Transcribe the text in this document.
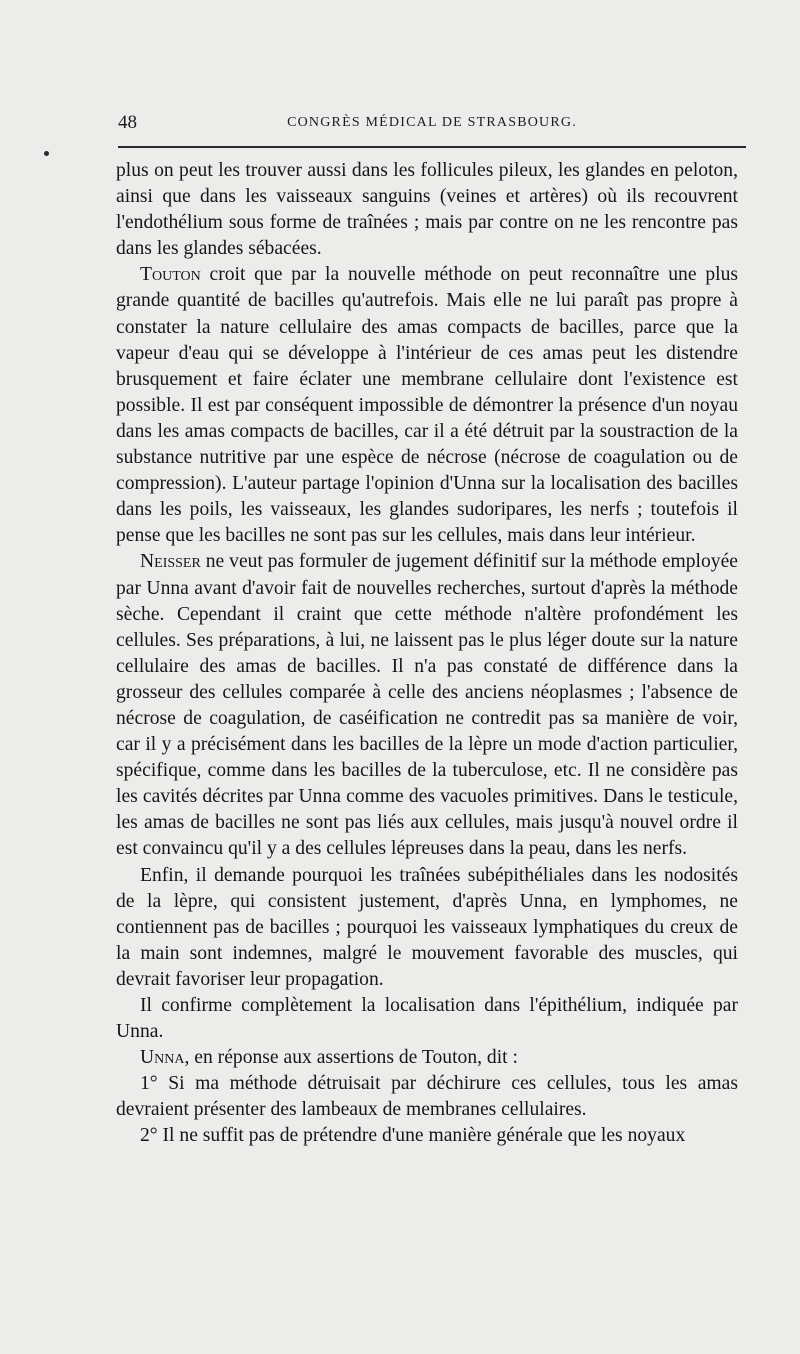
48	CONGRÈS MÉDICAL DE STRASBOURG.

plus on peut les trouver aussi dans les follicules pileux, les glandes en peloton, ainsi que dans les vaisseaux sanguins (veines et artères) où ils recouvrent l'endothélium sous forme de traînées ; mais par contre on ne les rencontre pas dans les glandes sébacées.

Touton croit que par la nouvelle méthode on peut reconnaître une plus grande quantité de bacilles qu'autrefois. Mais elle ne lui paraît pas propre à constater la nature cellulaire des amas compacts de bacilles, parce que la vapeur d'eau qui se développe à l'intérieur de ces amas peut les distendre brusquement et faire éclater une membrane cellulaire dont l'existence est possible. Il est par conséquent impossible de démontrer la présence d'un noyau dans les amas compacts de bacilles, car il a été détruit par la soustraction de la substance nutritive par une espèce de nécrose (nécrose de coagulation ou de compression). L'auteur partage l'opinion d'Unna sur la localisation des bacilles dans les poils, les vaisseaux, les glandes sudoripares, les nerfs ; toutefois il pense que les bacilles ne sont pas sur les cellules, mais dans leur intérieur.

Neisser ne veut pas formuler de jugement définitif sur la méthode employée par Unna avant d'avoir fait de nouvelles recherches, surtout d'après la méthode sèche. Cependant il craint que cette méthode n'altère profondément les cellules. Ses préparations, à lui, ne laissent pas le plus léger doute sur la nature cellulaire des amas de bacilles. Il n'a pas constaté de différence dans la grosseur des cellules comparée à celle des anciens néoplasmes ; l'absence de nécrose de coagulation, de caséification ne contredit pas sa manière de voir, car il y a précisément dans les bacilles de la lèpre un mode d'action particulier, spécifique, comme dans les bacilles de la tuberculose, etc. Il ne considère pas les cavités décrites par Unna comme des vacuoles primitives. Dans le testicule, les amas de bacilles ne sont pas liés aux cellules, mais jusqu'à nouvel ordre il est convaincu qu'il y a des cellules lépreuses dans la peau, dans les nerfs.

Enfin, il demande pourquoi les traînées subépithéliales dans les nodosités de la lèpre, qui consistent justement, d'après Unna, en lymphomes, ne contiennent pas de bacilles ; pourquoi les vaisseaux lymphatiques du creux de la main sont indemnes, malgré le mouvement favorable des muscles, qui devrait favoriser leur propagation.

Il confirme complètement la localisation dans l'épithélium, indiquée par Unna.

Unna, en réponse aux assertions de Touton, dit :

1° Si ma méthode détruisait par déchirure ces cellules, tous les amas devraient présenter des lambeaux de membranes cellulaires.

2° Il ne suffit pas de prétendre d'une manière générale que les noyaux
